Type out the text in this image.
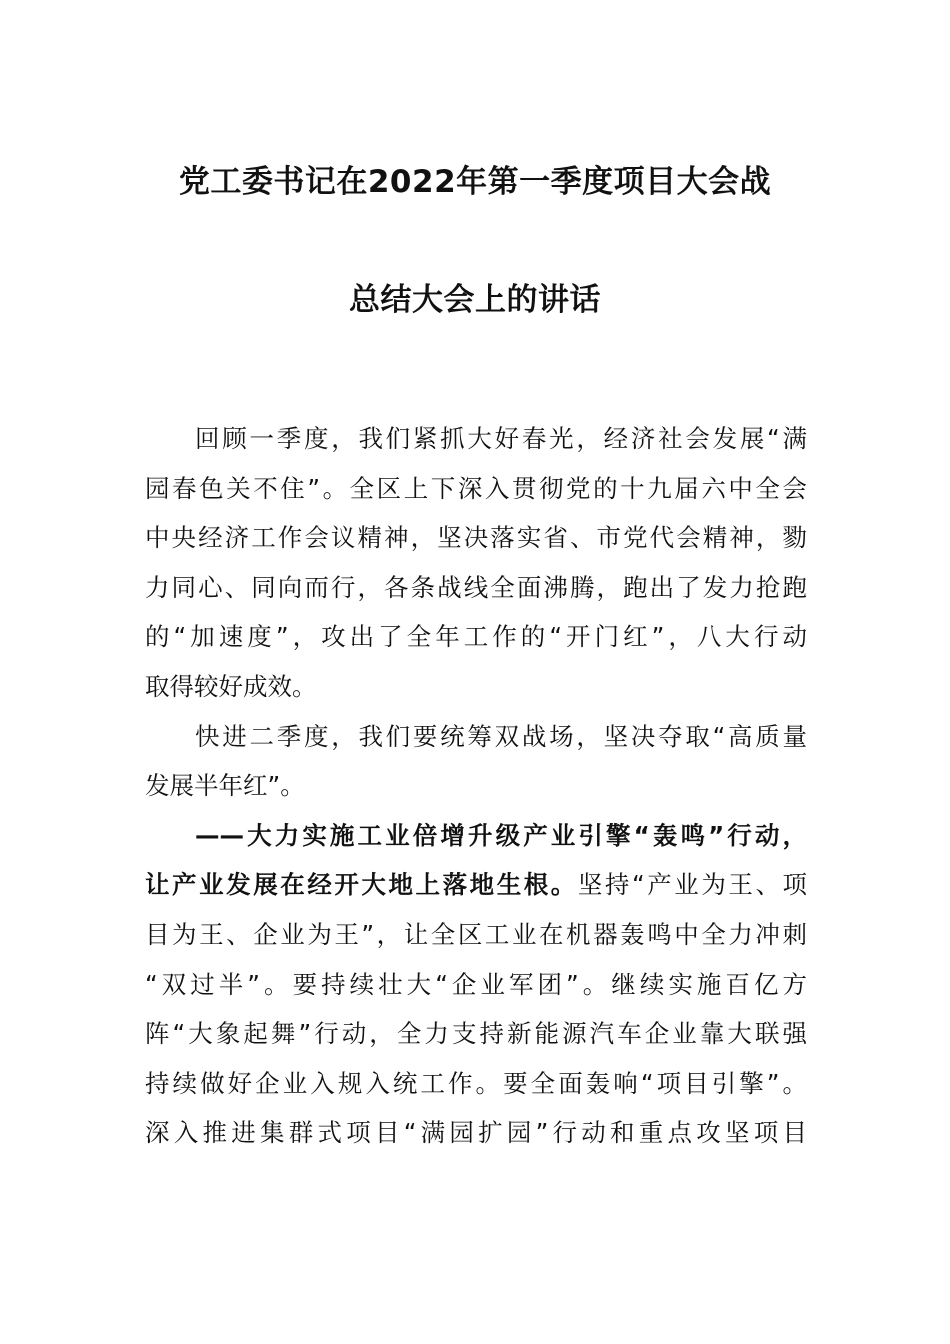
党工委书记在2022年第一季度项目大会战
总结大会上的讲话
回顾一季度，我们紧抓大好春光，经济社会发展“满
园春色关不住”。全区上下深入贯彻党的十九届六中全会
中央经济工作会议精神，坚决落实省、市党代会精神，勠
力同心、同向而行，各条战线全面沸腾，跑出了发力抢跑
的“加速度”，攻出了全年工作的“开门红”，八大行动
取得较好成效。
快进二季度，我们要统筹双战场，坚决夺取“高质量
发展半年红”。
——大力实施工业倍增升级产业引擎“轰鸣”行动，
让产业发展在经开大地上落地生根。坚持“产业为王、项
目为王、企业为王”，让全区工业在机器轰鸣中全力冲刺
“双过半”。要持续壮大“企业军团”。继续实施百亿方
阵“大象起舞”行动，全力支持新能源汽车企业靠大联强
持续做好企业入规入统工作。要全面轰响“项目引擎”。
深入推进集群式项目“满园扩园”行动和重点攻坚项目
